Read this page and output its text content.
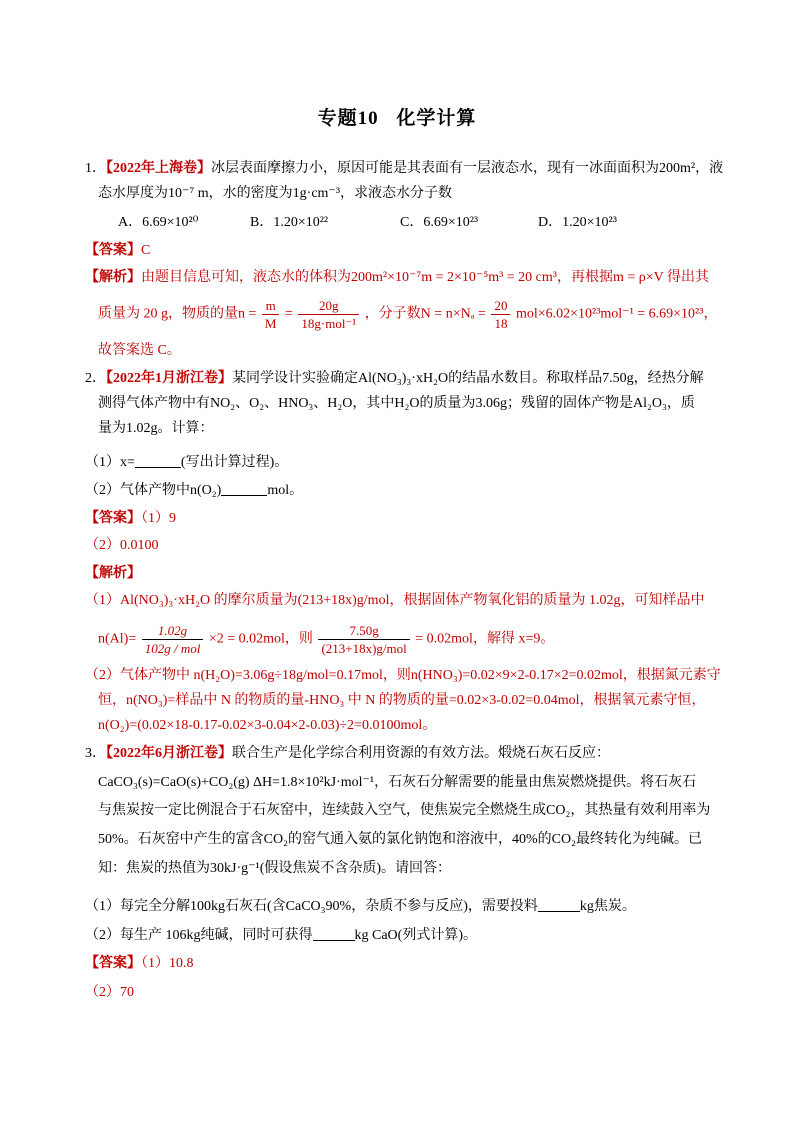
专题10 化学计算
1．【2022年上海卷】冰层表面摩擦力小，原因可能是其表面有一层液态水，现有一冰面面积为200m²，液
态水厚度为10⁻⁷ m，水的密度为1g·cm⁻³，求液态水分子数
A．6.69×10²⁰	B．1.20×10²²	C．6.69×10²³	D．1.20×10²³
【答案】C
【解析】由题目信息可知，液态水的体积为200m²×10⁻⁷m = 2×10⁻⁵m³ = 20 cm³，再根据m = ρ×V 得出其
质量为 20 g，物质的量$n = \frac{m}{M} = \frac{20g}{\text{18g·mol⁻¹}}$ ，分子数$N = n\times N_a = \frac{20}{18} mol\times 6.02\times 10^{23}mol^{-1} = 6.69\times 10^{23}$，
故答案选 C。
2．【2022年1月浙江卷】某同学设计实验确定Al(NO₃)₃·xH₂O的结晶水数目。称取样品7.50g，经热分解
测得气体产物中有NO₂、O₂、HNO₃、H₂O，其中H₂O的质量为3.06g；残留的固体产物是Al₂O₃，质
量为1.02g。计算：
（1）x=	(写出计算过程)。
（2）气体产物中n(O₂)	mol。
【答案】（1）9
（2）0.0100
【解析】
（1）Al(NO₃)₃·xH₂O 的摩尔质量为(213+18x)g/mol，根据固体产物氧化铝的质量为 1.02g，可知样品中
$n(Al)= \frac{1.02g}{\text{102g / mol}} \times 2 = 0.02mol$，则 $\frac{7.50g}{\text{(213+18x)g/mol}} = 0.02mol$，解得 x=9。
（2）气体产物中 n(H₂O)=3.06g÷18g/mol=0.17mol，则n(HNO₃)=0.02×9×2-0.17×2=0.02mol，根据氮元素守
恒，n(NO₃)=样品中 N 的物质的量-HNO₃ 中 N 的物质的量=0.02×3-0.02=0.04mol，根据氧元素守恒，
n(O₂)=(0.02×18-0.17-0.02×3-0.04×2-0.03)÷2=0.0100mol。
3．【2022年6月浙江卷】联合生产是化学综合利用资源的有效方法。煅烧石灰石反应：
CaCO₃(s)=CaO(s)+CO₂(g) ΔH=1.8×10²kJ·mol⁻¹，石灰石分解需要的能量由焦炭燃烧提供。将石灰石
与焦炭按一定比例混合于石灰窑中，连续鼓入空气，使焦炭完全燃烧生成CO₂，其热量有效利用率为
50%。石灰窑中产生的富含CO₂的窑气通入氨的氯化钠饱和溶液中，40%的CO₂最终转化为纯碱。已
知：焦炭的热值为30kJ·g⁻¹(假设焦炭不含杂质)。请回答：
（1）每完全分解100kg石灰石(含CaCO₃90%，杂质不参与反应)，需要投料	kg焦炭。
（2）每生产 106kg纯碱，同时可获得	kg CaO(列式计算)。
【答案】（1）10.8
（2）70
